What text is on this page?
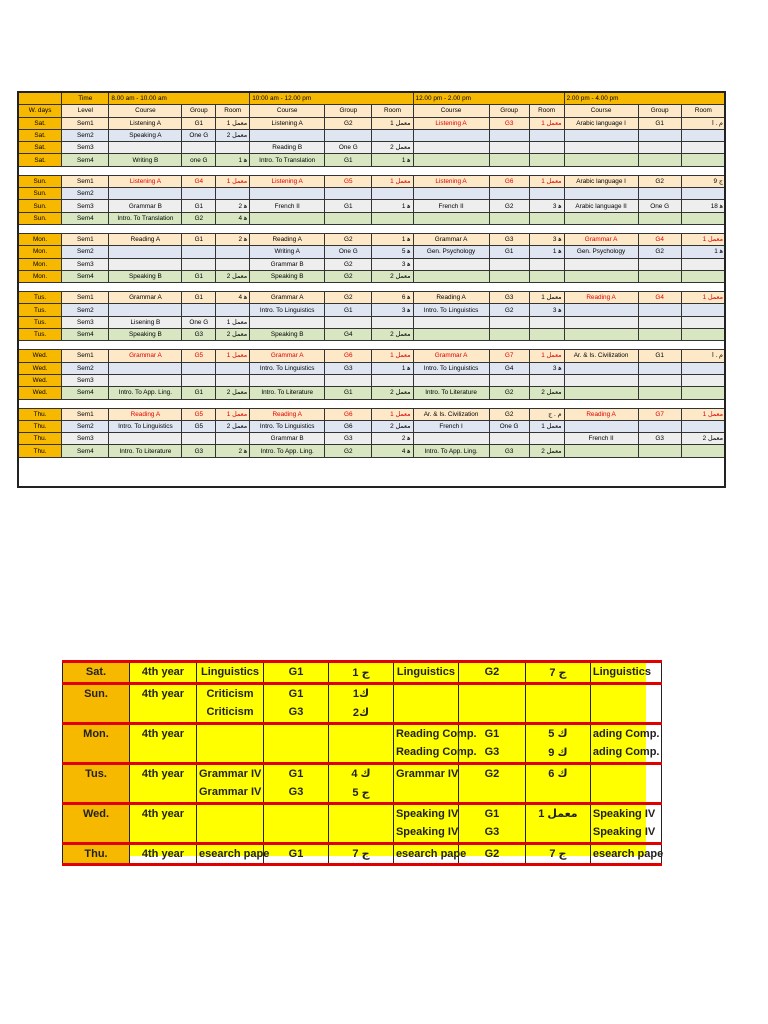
	Time	8.00 am - 10.00 am			10:00 am - 12.00 pm			12.00 pm - 2.00 pm			2.00 pm - 4.00 pm		
W. days	Level	Course	Group	Room	Course	Group	Room	Course	Group	Room	Course	Group	Room
Sat.	Sem1	Listening A	G1	1 معمل	Listening A	G2	1 معمل	Listening A	G3	1 معمل	Arabic language I	G1	م . ا
Sat.	Sem2	Speaking A	One G	2 معمل									
Sat.	Sem3				Reading B	One G	2 معمل						
Sat.	Sem4	Writing B	one G	1 ﻫ	Intro. To Translation	G1	1 ﻫ						

Sun.	Sem1	Listening A	G4	1 معمل	Listening A	G5	1 معمل	Listening A	G6	1 معمل	Arabic language I	G2	ج 9
Sun.	Sem2												
Sun.	Sem3	Grammar B	G1	2 ﻫ	French II	G1	1 ﻫ	French II	G2	3 ﻫ	Arabic language II	One G	18 ﻫ
Sun.	Sem4	Intro. To Translation	G2	4 ﻫ									

Mon.	Sem1	Reading A	G1	2 ﻫ	Reading A	G2	1 ﻫ	Grammar A	G3	3 ﻫ	Grammar A	G4	1 معمل
Mon.	Sem2				Writing A	One G	5 ﻫ	Gen. Psychology	G1	1 ﻫ	Gen. Psychology	G2	1 ﻫ
Mon.	Sem3				Grammar B	G2	3 ﻫ						
Mon.	Sem4	Speaking B	G1	2 معمل	Speaking B	G2	2 معمل						

Tus.	Sem1	Grammar A	G1	4 ﻫ	Grammar A	G2	6 ﻫ	Reading A	G3	1 معمل	Reading A	G4	1 معمل
Tus.	Sem2				Intro. To Linguistics	G1	3 ﻫ	Intro. To Linguistics	G2	3 ﻫ			
Tus.	Sem3	Lisening B	One G	1 معمل									
Tus.	Sem4	Speaking B	G3	2 معمل	Speaking B	G4	2 معمل						

Wed.	Sem1	Grammar A	G5	1 معمل	Grammar A	G6	1 معمل	Grammar A	G7	1 معمل	Ar. & Is. Civilization	G1	م . ا
Wed.	Sem2				Intro. To Linguistics	G3	1 ﻫ	Intro. To Linguistics	G4	3 ﻫ			
Wed.	Sem3												
Wed.	Sem4	Intro. To App. Ling.	G1	2 معمل	Intro. To Literature	G1	2 معمل	Intro. To Literature	G2	2 معمل			

Thu.	Sem1	Reading A	G5	1 معمل	Reading A	G6	1 معمل	Ar. & Is. Civilization	G2	م . ج	Reading A	G7	1 معمل
Thu.	Sem2	Intro. To Linguistics	G5	2 معمل	Intro. To Linguistics	G6	2 معمل	French I	One G	1 معمل			
Thu.	Sem3				Grammar B	G3	2 ﻫ				French II	G3	2 معمل
Thu.	Sem4	Intro. To Literature	G3	2 ﻫ	Intro. To App. Ling.	G2	4 ﻫ	Intro. To App. Ling.	G3	2 معمل			
Sat.	4th year	Linguistics	G1	1 ج	Linguistics	G2	7 ج	Linguistics
Sun.	4th year	Criticism	G1	1ك				
		Criticism	G3	2ك				
Mon.	4th year				Reading Comp.	G1	5 ك	ading Comp.
					Reading Comp.	G3	9 ك	ading Comp.
Tus.	4th year	Grammar IV	G1	4 ك	Grammar IV	G2	6 ك	
		Grammar IV	G3	5 ج				
Wed.	4th year				Speaking IV	G1	1 معمل	Speaking IV
					Speaking IV	G3		Speaking IV
Thu.	4th year	esearch pape	G1	7 ج	esearch pape	G2	7 ج	esearch pape
